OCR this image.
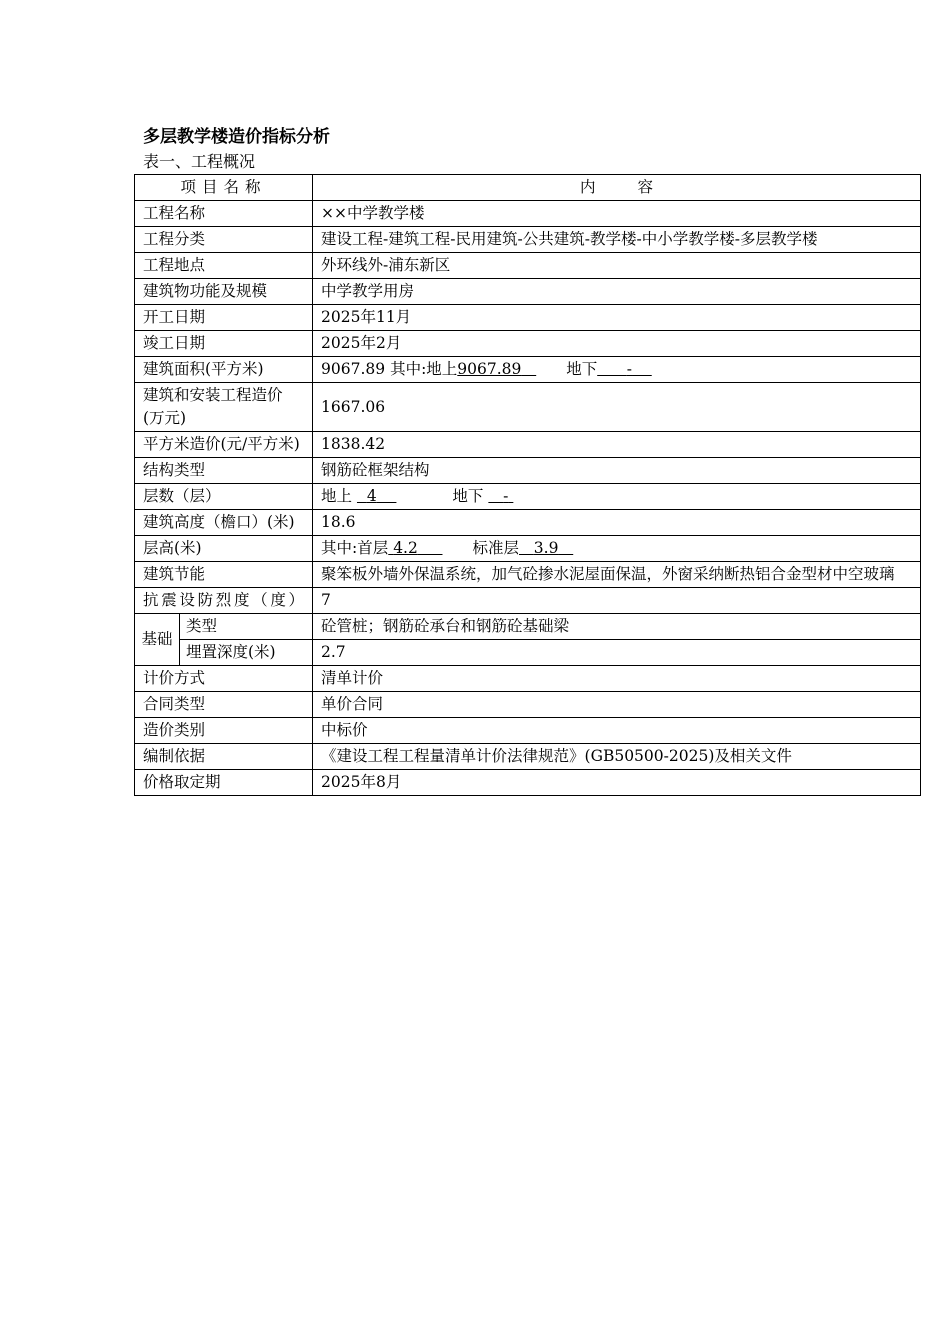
多层教学楼造价指标分析
表一、工程概况
项目名称		内 容
工程名称		××中学教学楼
工程分类		建设工程-建筑工程-民用建筑-公共建筑-教学楼-中小学教学楼-多层教学楼
工程地点		外环线外-浦东新区
建筑物功能及规模		中学教学用房
开工日期		2025年11月
竣工日期		2025年2月
建筑面积(平方米)		9067.89 其中:地上9067.89 地下 -
建筑和安装工程造价(万元)		1667.06
平方米造价(元/平方米)		1838.42
结构类型		钢筋砼框架结构
层数（层）		地上 4 地下 -
建筑高度（檐口）(米)		18.6
层高(米)		其中:首层 4.2 标准层 3.9
建筑节能		聚笨板外墙外保温系统，加气砼掺水泥屋面保温，外窗采纳断热铝合金型材中空玻璃
抗震设防烈度（度）		7
基础	类型	砼管桩；钢筋砼承台和钢筋砼基础梁
	埋置深度(米)	2.7
计价方式		清单计价
合同类型		单价合同
造价类别		中标价
编制依据		《建设工程工程量清单计价法律规范》(GB50500-2025)及相关文件
价格取定期		2025年8月
